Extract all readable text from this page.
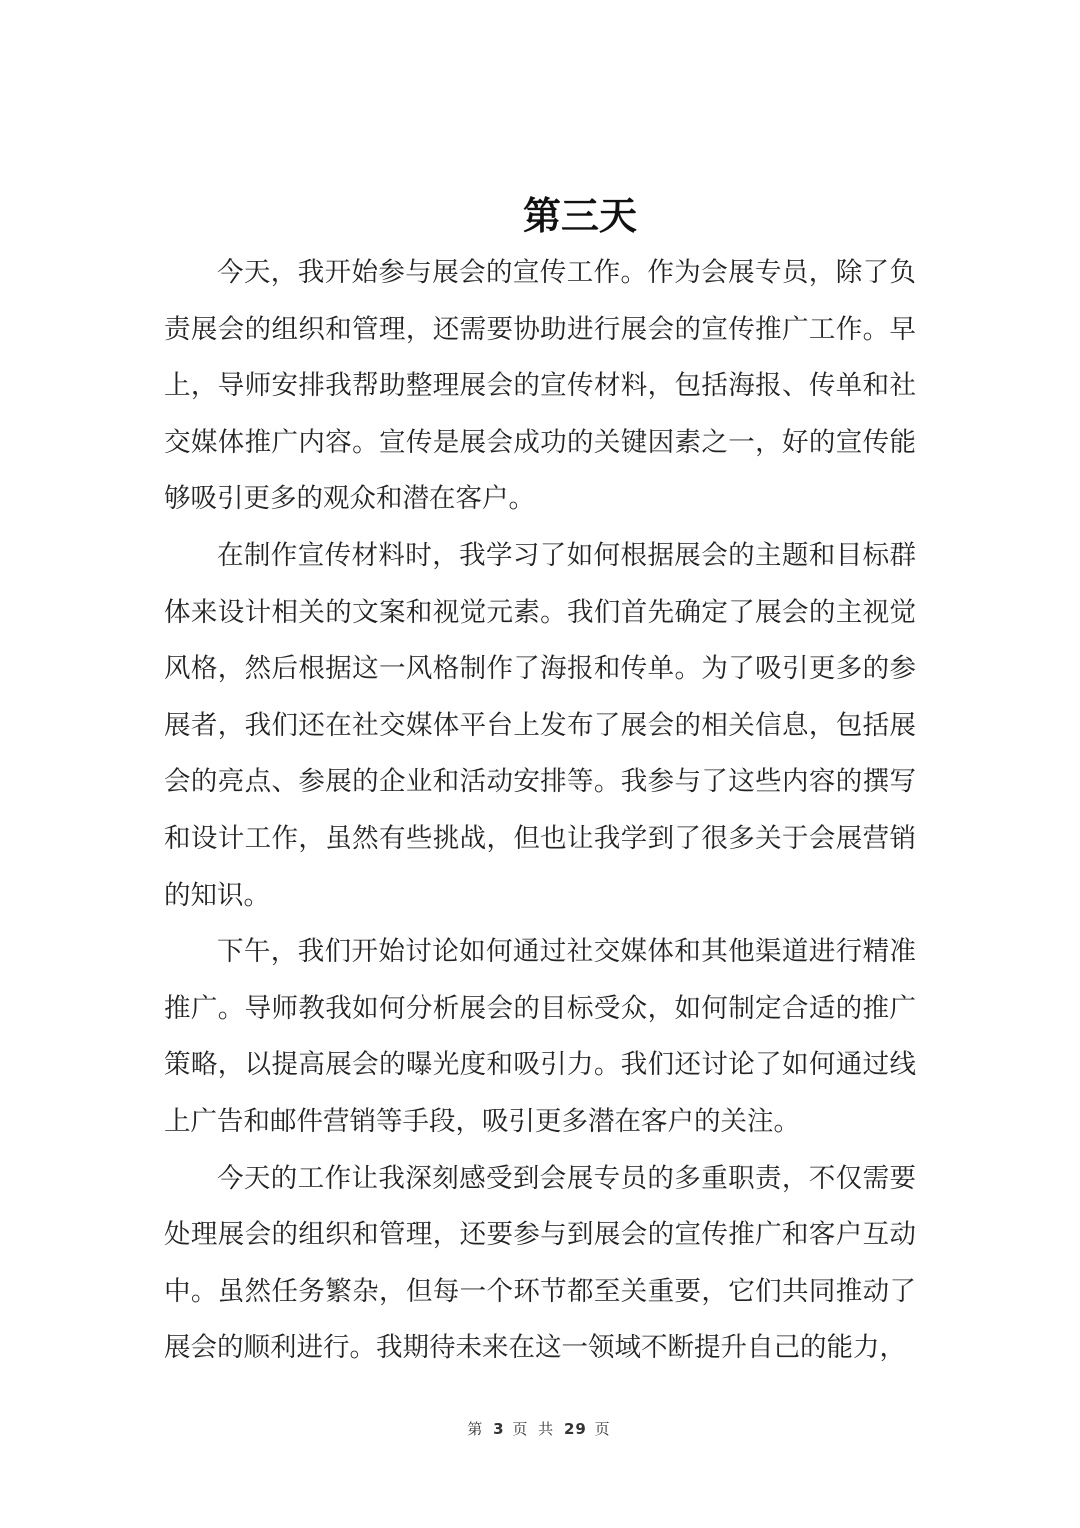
第三天

今天，我开始参与展会的宣传工作。作为会展专员，除了负责展会的组织和管理，还需要协助进行展会的宣传推广工作。早上，导师安排我帮助整理展会的宣传材料，包括海报、传单和社交媒体推广内容。宣传是展会成功的关键因素之一，好的宣传能够吸引更多的观众和潜在客户。

在制作宣传材料时，我学习了如何根据展会的主题和目标群体来设计相关的文案和视觉元素。我们首先确定了展会的主视觉风格，然后根据这一风格制作了海报和传单。为了吸引更多的参展者，我们还在社交媒体平台上发布了展会的相关信息，包括展会的亮点、参展的企业和活动安排等。我参与了这些内容的撰写和设计工作，虽然有些挑战，但也让我学到了很多关于会展营销的知识。

下午，我们开始讨论如何通过社交媒体和其他渠道进行精准推广。导师教我如何分析展会的目标受众，如何制定合适的推广策略，以提高展会的曝光度和吸引力。我们还讨论了如何通过线上广告和邮件营销等手段，吸引更多潜在客户的关注。

今天的工作让我深刻感受到会展专员的多重职责，不仅需要处理展会的组织和管理，还要参与到展会的宣传推广和客户互动中。虽然任务繁杂，但每一个环节都至关重要，它们共同推动了展会的顺利进行。我期待未来在这一领域不断提升自己的能力，

第 3 页 共 29 页
